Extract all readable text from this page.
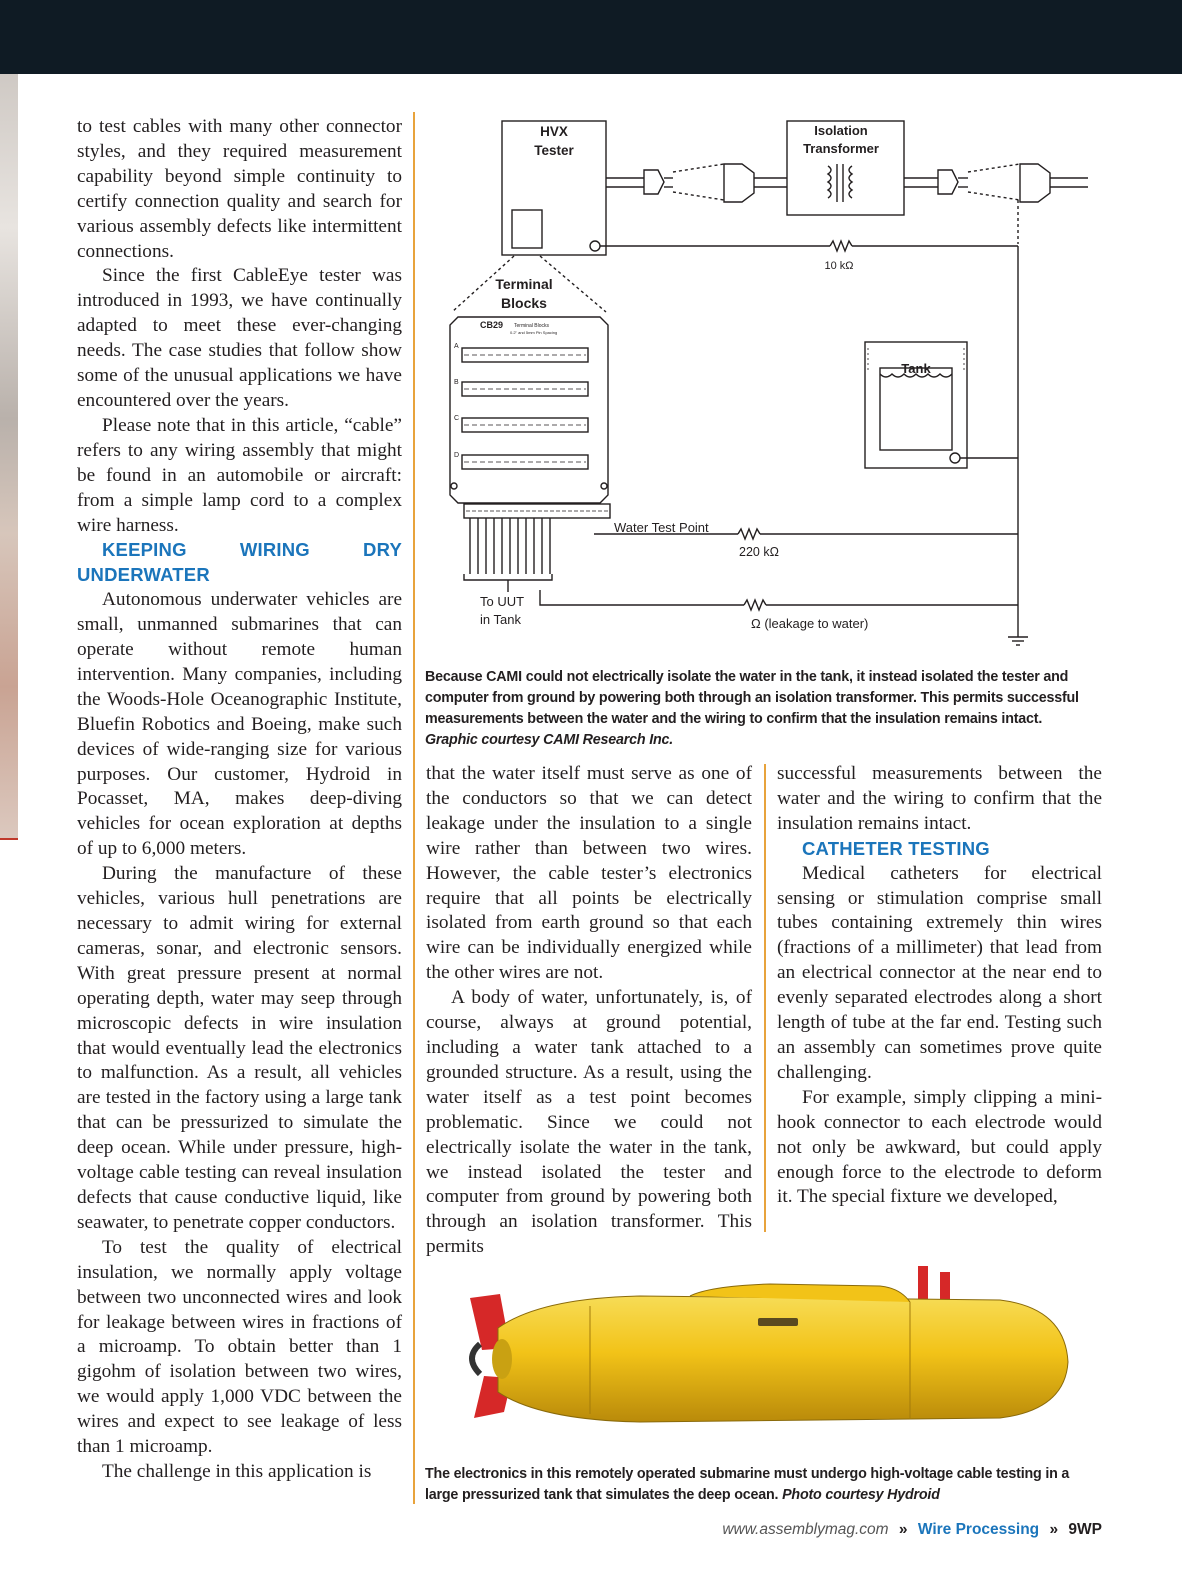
to test cables with many other connector styles, and they required measurement capability beyond simple continuity to certify connection quality and search for various assembly defects like intermittent connections.

Since the first CableEye tester was introduced in 1993, we have continually adapted to meet these ever-changing needs. The case studies that follow show some of the unusual applications we have encountered over the years.

Please note that in this article, “cable” refers to any wiring assembly that might be found in an automobile or aircraft: from a simple lamp cord to a complex wire harness.

KEEPING WIRING DRY UNDERWATER

Autonomous underwater vehicles are small, unmanned submarines that can operate without remote human intervention. Many companies, including the Woods-Hole Oceanographic Institute, Bluefin Robotics and Boeing, make such devices of wide-ranging size for various purposes. Our customer, Hydroid in Pocasset, MA, makes deep-diving vehicles for ocean exploration at depths of up to 6,000 meters.

During the manufacture of these vehicles, various hull penetrations are necessary to admit wiring for external cameras, sonar, and electronic sensors. With great pressure present at normal operating depth, water may seep through microscopic defects in wire insulation that would eventually lead the electronics to malfunction. As a result, all vehicles are tested in the factory using a large tank that can be pressurized to simulate the deep ocean. While under pressure, high-voltage cable testing can reveal insulation defects that cause conductive liquid, like seawater, to penetrate copper conductors.

To test the quality of electrical insulation, we normally apply voltage between two unconnected wires and look for leakage between wires in fractions of a microamp. To obtain better than 1 gigohm of isolation between two wires, we would apply 1,000 VDC between the wires and expect to see leakage of less than 1 microamp.

The challenge in this application is

HVX
Tester
Isolation
Transformer
10 kΩ
Terminal
Blocks
CB29 Terminal Blocks
0.2" and 5mm Pin Spacing
A
B
C
D
Tank
Water Test Point
220 kΩ
To UUT
in Tank	Ω (leakage to water)
Because CAMI could not electrically isolate the water in the tank, it instead isolated the tester and computer from ground by powering both through an isolation transformer. This permits successful measurements between the water and the wiring to confirm that the insulation remains intact.
Graphic courtesy CAMI Research Inc.

that the water itself must serve as one of the conductors so that we can detect leakage under the insulation to a single wire rather than between two wires. However, the cable tester’s electronics require that all points be electrically isolated from earth ground so that each wire can be individually energized while the other wires are not.

A body of water, unfortunately, is, of course, always at ground potential, including a water tank attached to a grounded structure. As a result, using the water itself as a test point becomes problematic. Since we could not electrically isolate the water in the tank, we instead isolated the tester and computer from ground by powering both through an isolation transformer. This permits

successful measurements between the water and the wiring to confirm that the insulation remains intact.

CATHETER TESTING

Medical catheters for electrical sensing or stimulation comprise small tubes containing extremely thin wires (fractions of a millimeter) that lead from an electrical connector at the near end to evenly separated electrodes along a short length of tube at the far end. Testing such an assembly can sometimes prove quite challenging.

For example, simply clipping a mini-hook connector to each electrode would not only be awkward, but could apply enough force to the electrode to deform it. The special fixture we developed,

The electronics in this remotely operated submarine must undergo high-voltage cable testing in a large pressurized tank that simulates the deep ocean. Photo courtesy Hydroid
www.assemblymag.com » Wire Processing » 9WP
